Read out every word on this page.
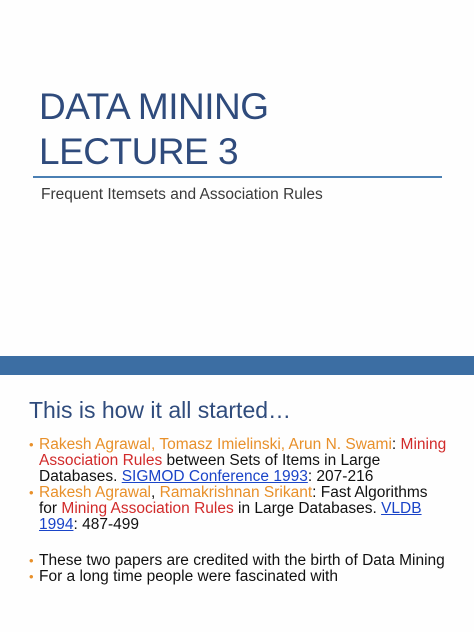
DATA MINING
LECTURE 3
Frequent Itemsets and Association Rules
This is how it all started…
• Rakesh Agrawal, Tomasz Imielinski, Arun N. Swami: Mining Association Rules between Sets of Items in Large Databases. SIGMOD Conference 1993: 207-216
• Rakesh Agrawal, Ramakrishnan Srikant: Fast Algorithms for Mining Association Rules in Large Databases. VLDB 1994: 487-499
• These two papers are credited with the birth of Data Mining
• For a long time people were fascinated with
